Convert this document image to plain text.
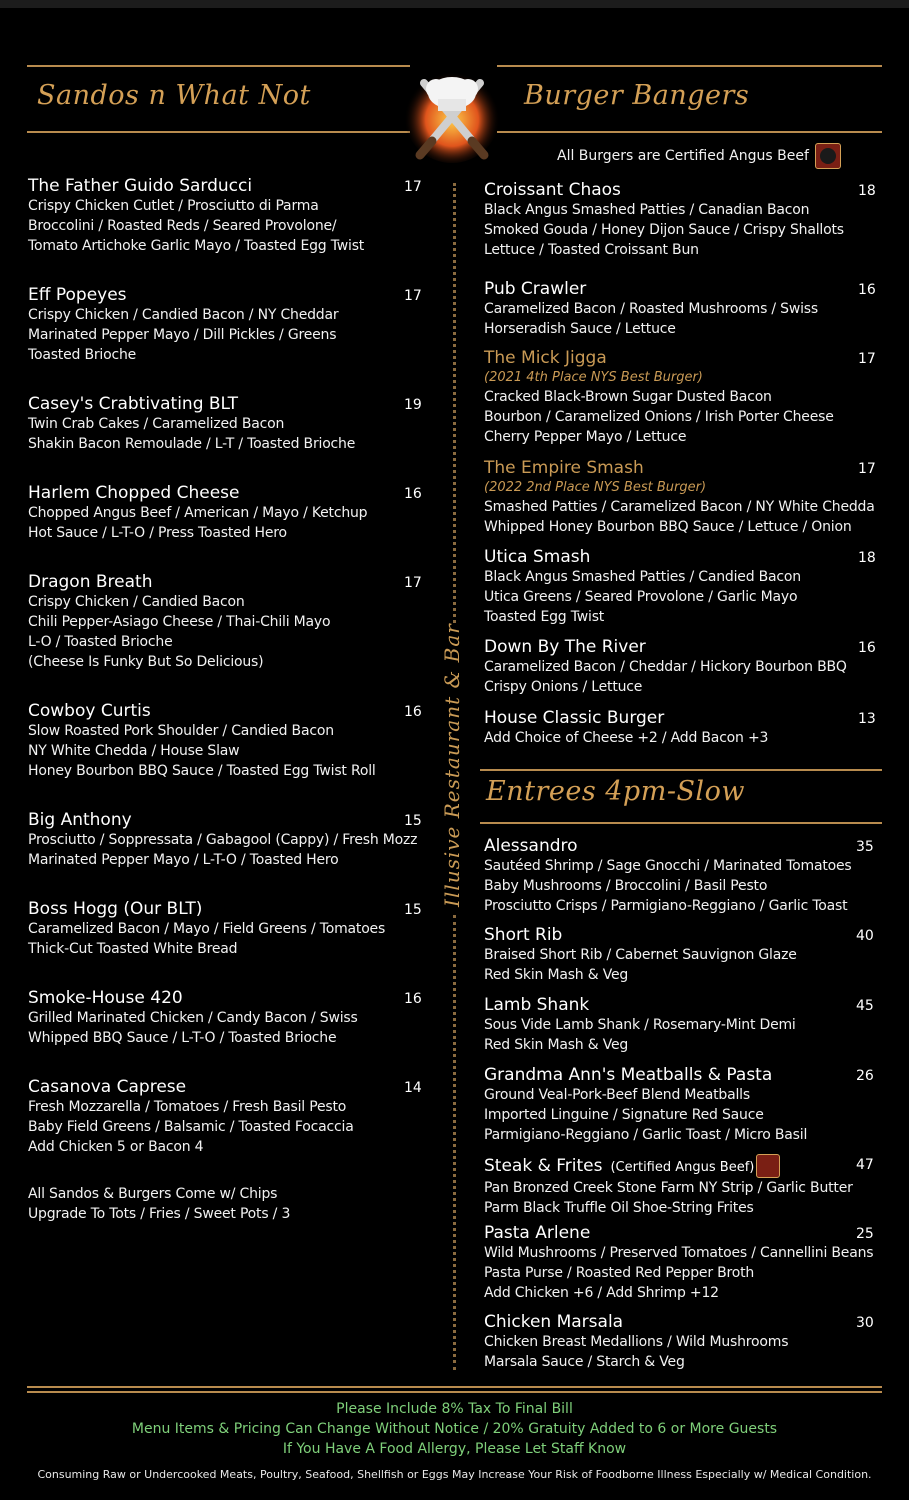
Sandos n What Not	Burger Bangers
All Burgers are Certified Angus Beef
The Father Guido Sarducci
Crispy Chicken Cutlet / Prosciutto di Parma
Broccolini / Roasted Reds / Seared Provolone/
Tomato Artichoke Garlic Mayo / Toasted Egg Twist
17
Eff Popeyes
Crispy Chicken / Candied Bacon / NY Cheddar
Marinated Pepper Mayo / Dill Pickles / Greens
Toasted Brioche
17
Casey's Crabtivating BLT
Twin Crab Cakes / Caramelized Bacon
Shakin Bacon Remoulade / L-T / Toasted Brioche
19
Harlem Chopped Cheese
Chopped Angus Beef / American / Mayo / Ketchup
Hot Sauce / L-T-O / Press Toasted Hero
16
Dragon Breath
Crispy Chicken / Candied Bacon
Chili Pepper-Asiago Cheese / Thai-Chili Mayo
L-O / Toasted Brioche
(Cheese Is Funky But So Delicious)
17
Cowboy Curtis
Slow Roasted Pork Shoulder / Candied Bacon
NY White Chedda / House Slaw
Honey Bourbon BBQ Sauce / Toasted Egg Twist Roll
16
Big Anthony
Prosciutto / Soppressata / Gabagool (Cappy) / Fresh Mozz
Marinated Pepper Mayo / L-T-O / Toasted Hero
15
Boss Hogg (Our BLT)
Caramelized Bacon / Mayo / Field Greens / Tomatoes
Thick-Cut Toasted White Bread
15
Smoke-House 420
Grilled Marinated Chicken / Candy Bacon / Swiss
Whipped BBQ Sauce / L-T-O / Toasted Brioche
16
Casanova Caprese
Fresh Mozzarella / Tomatoes / Fresh Basil Pesto
Baby Field Greens / Balsamic / Toasted Focaccia
Add Chicken 5 or Bacon 4
14
Illusive Restaurant & Bar
Croissant Chaos
Black Angus Smashed Patties / Canadian Bacon
Smoked Gouda / Honey Dijon Sauce / Crispy Shallots
Lettuce / Toasted Croissant Bun
18
Pub Crawler
Caramelized Bacon / Roasted Mushrooms / Swiss
Horseradish Sauce / Lettuce
16
The Mick Jigga
(2021 4th Place NYS Best Burger)
Cracked Black-Brown Sugar Dusted Bacon
Bourbon / Caramelized Onions / Irish Porter Cheese
Cherry Pepper Mayo / Lettuce
17
The Empire Smash
(2022 2nd Place NYS Best Burger)
Smashed Patties / Caramelized Bacon / NY White Chedda
Whipped Honey Bourbon BBQ Sauce / Lettuce / Onion
17
Utica Smash
Black Angus Smashed Patties / Candied Bacon
Utica Greens / Seared Provolone / Garlic Mayo
Toasted Egg Twist
18
Down By The River
Caramelized Bacon / Cheddar / Hickory Bourbon BBQ
Crispy Onions / Lettuce
16
House Classic Burger
Add Choice of Cheese +2 / Add Bacon +3
13
Entrees 4pm-Slow
Alessandro
Sautéed Shrimp / Sage Gnocchi / Marinated Tomatoes
Baby Mushrooms / Broccolini / Basil Pesto
Prosciutto Crisps / Parmigiano-Reggiano / Garlic Toast
35
Short Rib
Braised Short Rib / Cabernet Sauvignon Glaze
Red Skin Mash & Veg
40
Lamb Shank
Sous Vide Lamb Shank / Rosemary-Mint Demi
Red Skin Mash & Veg
45
Grandma Ann's Meatballs & Pasta
Ground Veal-Pork-Beef Blend Meatballs
Imported Linguine / Signature Red Sauce
Parmigiano-Reggiano / Garlic Toast / Micro Basil
26
Steak & Frites (Certified Angus Beef)
Pan Bronzed Creek Stone Farm NY Strip / Garlic Butter
Parm Black Truffle Oil Shoe-String Frites
47
Pasta Arlene
Wild Mushrooms / Preserved Tomatoes / Cannellini Beans
Pasta Purse / Roasted Red Pepper Broth
Add Chicken +6 / Add Shrimp +12
25
Chicken Marsala
Chicken Breast Medallions / Wild Mushrooms
Marsala Sauce / Starch & Veg
30
All Sandos & Burgers Come w/ Chips
Upgrade To Tots / Fries / Sweet Pots / 3
Please Include 8% Tax To Final Bill
Menu Items & Pricing Can Change Without Notice / 20% Gratuity Added to 6 or More Guests
If You Have A Food Allergy, Please Let Staff Know
Consuming Raw or Undercooked Meats, Poultry, Seafood, Shellfish or Eggs May Increase Your Risk of Foodborne Illness Especially w/ Medical Condition.
